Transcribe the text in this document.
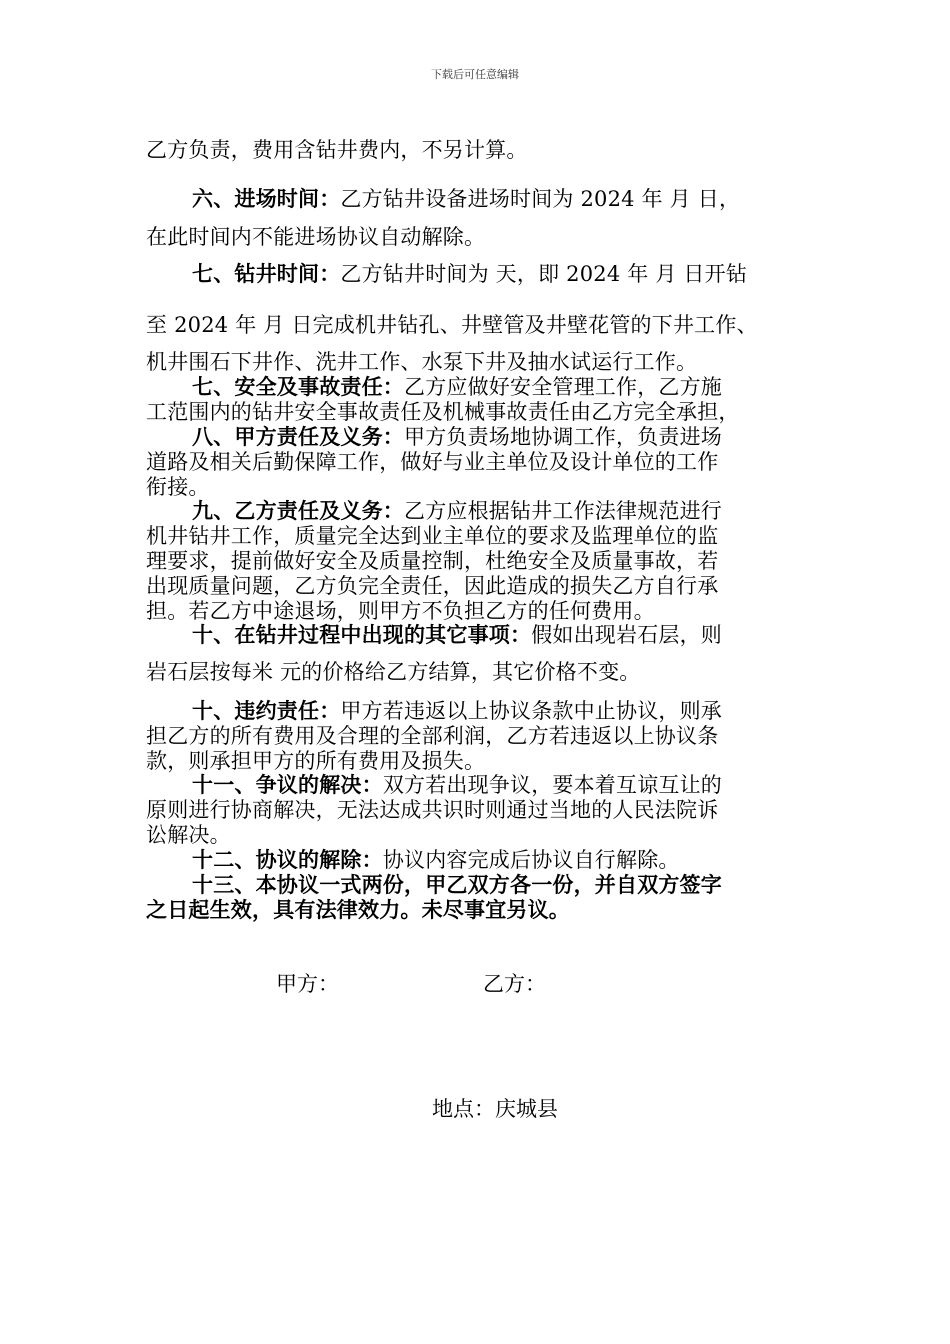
下载后可任意编辑
乙方负责，费用含钻井费内，不另计算。
六、进场时间：乙方钻井设备进场时间为 2024 年 月 日，
在此时间内不能进场协议自动解除。
七、钻井时间：乙方钻井时间为 天，即 2024 年 月 日开钻
至 2024 年 月 日完成机井钻孔、井壁管及井壁花管的下井工作、
机井围石下井作、洗井工作、水泵下井及抽水试运行工作。
七、安全及事故责任：乙方应做好安全管理工作，乙方施
工范围内的钻井安全事故责任及机械事故责任由乙方完全承担，
八、甲方责任及义务：甲方负责场地协调工作，负责进场
道路及相关后勤保障工作，做好与业主单位及设计单位的工作
衔接。
九、乙方责任及义务：乙方应根据钻井工作法律规范进行
机井钻井工作，质量完全达到业主单位的要求及监理单位的监
理要求，提前做好安全及质量控制，杜绝安全及质量事故，若
出现质量问题，乙方负完全责任，因此造成的损失乙方自行承
担。若乙方中途退场，则甲方不负担乙方的任何费用。
十、在钻井过程中出现的其它事项：假如出现岩石层，则
岩石层按每米 元的价格给乙方结算，其它价格不变。
十、违约责任：甲方若违返以上协议条款中止协议，则承
担乙方的所有费用及合理的全部利润，乙方若违返以上协议条
款，则承担甲方的所有费用及损失。
十一、争议的解决：双方若出现争议，要本着互谅互让的
原则进行协商解决，无法达成共识时则通过当地的人民法院诉
讼解决。
十二、协议的解除：协议内容完成后协议自行解除。
十三、本协议一式两份，甲乙双方各一份，并自双方签字
之日起生效，具有法律效力。未尽事宜另议。
甲方：	乙方：
地点：庆城县
